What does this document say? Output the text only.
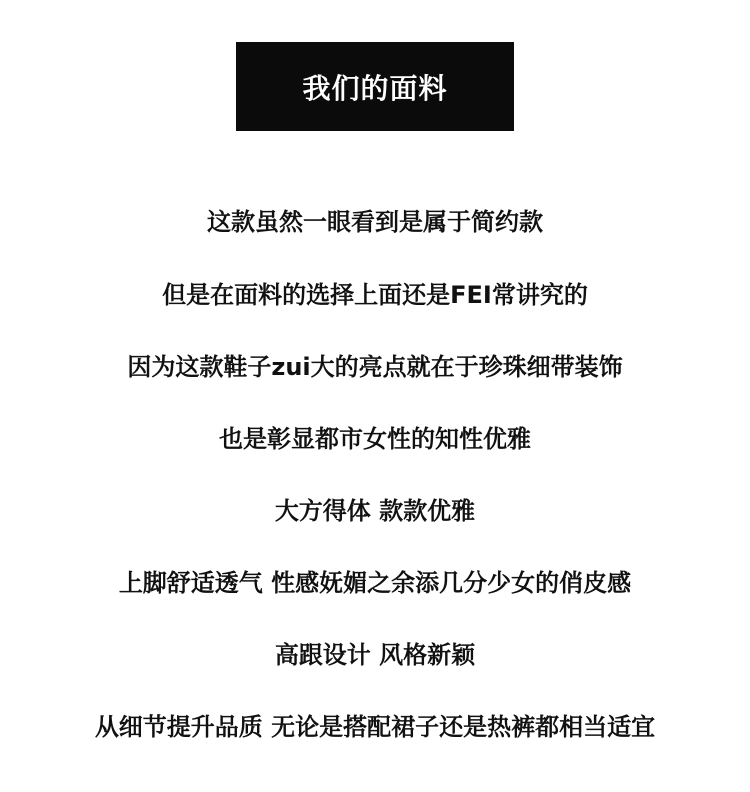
我们的面料
这款虽然一眼看到是属于简约款
但是在面料的选择上面还是FEI常讲究的
因为这款鞋子zui大的亮点就在于珍珠细带装饰
也是彰显都市女性的知性优雅
大方得体 款款优雅
上脚舒适透气 性感妩媚之余添几分少女的俏皮感
高跟设计 风格新颖
从细节提升品质 无论是搭配裙子还是热裤都相当适宜
